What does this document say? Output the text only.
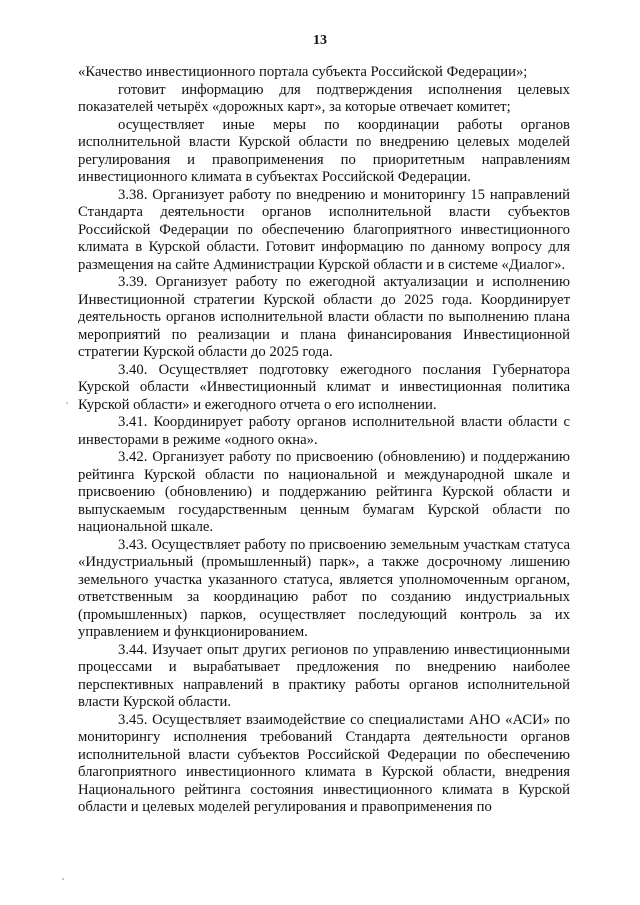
13

«Качество инвестиционного портала субъекта Российской Федерации»;

готовит информацию для подтверждения исполнения целевых показателей четырёх «дорожных карт», за которые отвечает комитет;

осуществляет иные меры по координации работы органов исполнительной власти Курской области по внедрению целевых моделей регулирования и правоприменения по приоритетным направлениям инвестиционного климата в субъектах Российской Федерации.

3.38. Организует работу по внедрению и мониторингу 15 направлений Стандарта деятельности органов исполнительной власти субъектов Российской Федерации по обеспечению благоприятного инвестиционного климата в Курской области. Готовит информацию по данному вопросу для размещения на сайте Администрации Курской области и в системе «Диалог».

3.39. Организует работу по ежегодной актуализации и исполнению Инвестиционной стратегии Курской области до 2025 года. Координирует деятельность органов исполнительной власти области по выполнению плана мероприятий по реализации и плана финансирования Инвестиционной стратегии Курской области до 2025 года.

3.40. Осуществляет подготовку ежегодного послания Губернатора Курской области «Инвестиционный климат и инвестиционная политика Курской области» и ежегодного отчета о его исполнении.

3.41. Координирует работу органов исполнительной власти области с инвесторами в режиме «одного окна».

3.42. Организует работу по присвоению (обновлению) и поддержанию рейтинга Курской области по национальной и международной шкале и присвоению (обновлению) и поддержанию рейтинга Курской области и выпускаемым государственным ценным бумагам Курской области по национальной шкале.

3.43. Осуществляет работу по присвоению земельным участкам статуса «Индустриальный (промышленный) парк», а также досрочному лишению земельного участка указанного статуса, является уполномоченным органом, ответственным за координацию работ по созданию индустриальных (промышленных) парков, осуществляет последующий контроль за их управлением и функционированием.

3.44. Изучает опыт других регионов по управлению инвестиционными процессами и вырабатывает предложения по внедрению наиболее перспективных направлений в практику работы органов исполнительной власти Курской области.

3.45. Осуществляет взаимодействие со специалистами АНО «АСИ» по мониторингу исполнения требований Стандарта деятельности органов исполнительной власти субъектов Российской Федерации по обеспечению благоприятного инвестиционного климата в Курской области, внедрения Национального рейтинга состояния инвестиционного климата в Курской области и целевых моделей регулирования и правоприменения по
